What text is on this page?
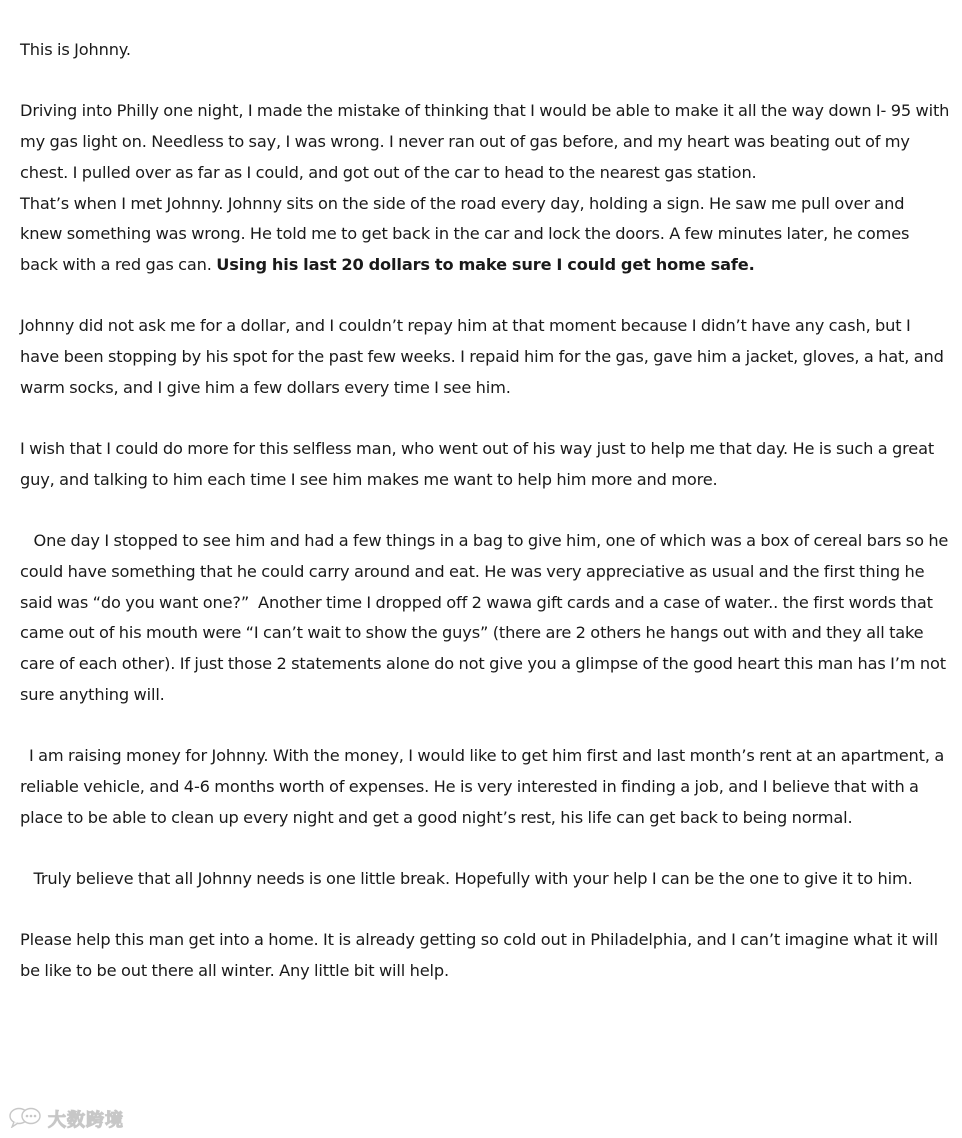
This is Johnny.

Driving into Philly one night, I made the mistake of thinking that I would be able to make it all the way down I- 95 with my gas light on. Needless to say, I was wrong. I never ran out of gas before, and my heart was beating out of my chest. I pulled over as far as I could, and got out of the car to head to the nearest gas station.

That’s when I met Johnny. Johnny sits on the side of the road every day, holding a sign. He saw me pull over and knew something was wrong. He told me to get back in the car and lock the doors. A few minutes later, he comes back with a red gas can. Using his last 20 dollars to make sure I could get home safe.

Johnny did not ask me for a dollar, and I couldn’t repay him at that moment because I didn’t have any cash, but I have been stopping by his spot for the past few weeks. I repaid him for the gas, gave him a jacket, gloves, a hat, and warm socks, and I give him a few dollars every time I see him.

I wish that I could do more for this selfless man, who went out of his way just to help me that day. He is such a great guy, and talking to him each time I see him makes me want to help him more and more.

One day I stopped to see him and had a few things in a bag to give him, one of which was a box of cereal bars so he could have something that he could carry around and eat. He was very appreciative as usual and the first thing he said was “do you want one?”  Another time I dropped off 2 wawa gift cards and a case of water.. the first words that came out of his mouth were “I can’t wait to show the guys” (there are 2 others he hangs out with and they all take care of each other). If just those 2 statements alone do not give you a glimpse of the good heart this man has I’m not sure anything will.

I am raising money for Johnny. With the money, I would like to get him first and last month’s rent at an apartment, a reliable vehicle, and 4-6 months worth of expenses. He is very interested in finding a job, and I believe that with a place to be able to clean up every night and get a good night’s rest, his life can get back to being normal.

Truly believe that all Johnny needs is one little break. Hopefully with your help I can be the one to give it to him.

Please help this man get into a home. It is already getting so cold out in Philadelphia, and I can’t imagine what it will be like to be out there all winter. Any little bit will help.

大数跨境
